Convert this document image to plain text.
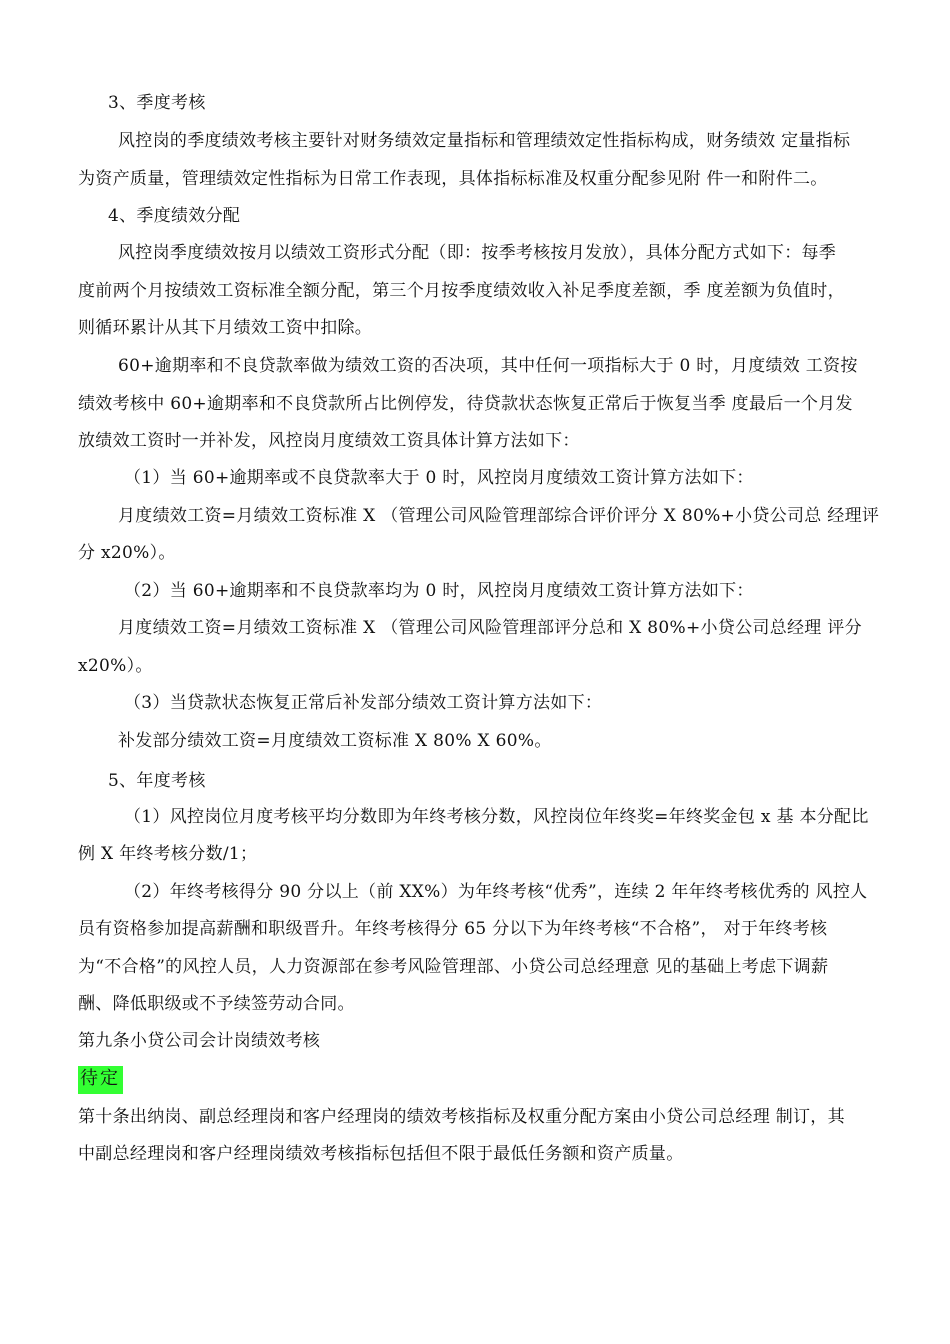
3、季度考核
风控岗的季度绩效考核主要针对财务绩效定量指标和管理绩效定性指标构成，财务绩效 定量指标
为资产质量，管理绩效定性指标为日常工作表现，具体指标标准及权重分配参见附 件一和附件二。
4、季度绩效分配
风控岗季度绩效按月以绩效工资形式分配（即：按季考核按月发放），具体分配方式如下：每季
度前两个月按绩效工资标准全额分配，第三个月按季度绩效收入补足季度差额，季 度差额为负值时，
则循环累计从其下月绩效工资中扣除。
60+逾期率和不良贷款率做为绩效工资的否决项，其中任何一项指标大于 0 时，月度绩效 工资按
绩效考核中 60+逾期率和不良贷款所占比例停发，待贷款状态恢复正常后于恢复当季 度最后一个月发
放绩效工资时一并补发，风控岗月度绩效工资具体计算方法如下：
（1）当 60+逾期率或不良贷款率大于 0 时，风控岗月度绩效工资计算方法如下：
月度绩效工资=月绩效工资标准 X （管理公司风险管理部综合评价评分 X 80%+小贷公司总 经理评
分 x20%）。
（2）当 60+逾期率和不良贷款率均为 0 时，风控岗月度绩效工资计算方法如下：
月度绩效工资=月绩效工资标准 X （管理公司风险管理部评分总和 X 80%+小贷公司总经理 评分
x20%）。
（3）当贷款状态恢复正常后补发部分绩效工资计算方法如下：
补发部分绩效工资=月度绩效工资标准 X 80% X 60%。
5、年度考核
（1）风控岗位月度考核平均分数即为年终考核分数，风控岗位年终奖=年终奖金包 x 基 本分配比
例 X 年终考核分数/1；
（2）年终考核得分 90 分以上（前 XX%）为年终考核“优秀”，连续 2 年年终考核优秀的 风控人
员有资格参加提高薪酬和职级晋升。年终考核得分 65 分以下为年终考核“不合格”， 对于年终考核
为“不合格”的风控人员，人力资源部在参考风险管理部、小贷公司总经理意 见的基础上考虑下调薪
酬、降低职级或不予续签劳动合同。
第九条小贷公司会计岗绩效考核
待定
第十条出纳岗、副总经理岗和客户经理岗的绩效考核指标及权重分配方案由小贷公司总经理 制订，其
中副总经理岗和客户经理岗绩效考核指标包括但不限于最低任务额和资产质量。
